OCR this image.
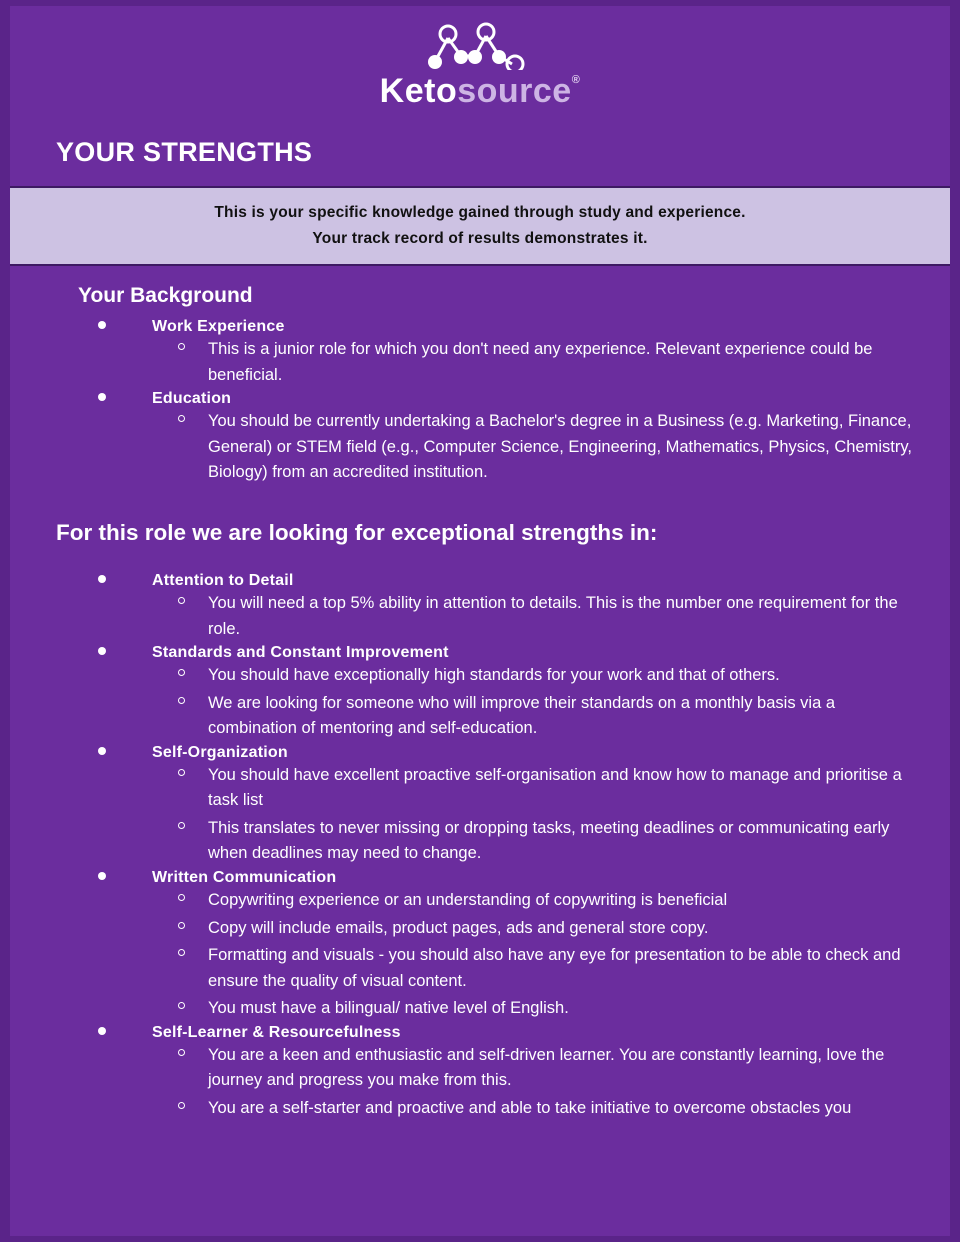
Ketosource®
YOUR STRENGTHS
This is your specific knowledge gained through study and experience.
Your track record of results demonstrates it.
Your Background
Work Experience
This is a junior role for which you don't need any experience. Relevant experience could be beneficial.
Education
You should be currently undertaking a Bachelor's degree in a Business (e.g. Marketing, Finance, General) or STEM field (e.g., Computer Science, Engineering, Mathematics, Physics, Chemistry, Biology) from an accredited institution.
For this role we are looking for exceptional strengths in:
Attention to Detail
You will need a top 5% ability in attention to details. This is the number one requirement for the role.
Standards and Constant Improvement
You should have exceptionally high standards for your work and that of others.
We are looking for someone who will improve their standards on a monthly basis via a combination of mentoring and self-education.
Self-Organization
You should have excellent proactive self-organisation and know how to manage and prioritise a task list
This translates to never missing or dropping tasks, meeting deadlines or communicating early when deadlines may need to change.
Written Communication
Copywriting experience or an understanding of copywriting is beneficial
Copy will include emails, product pages, ads and general store copy.
Formatting and visuals - you should also have any eye for presentation to be able to check and ensure the quality of visual content.
You must have a bilingual/ native level of English.
Self-Learner & Resourcefulness
You are a keen and enthusiastic and self-driven learner. You are constantly learning, love the journey and progress you make from this.
You are a self-starter and proactive and able to take initiative to overcome obstacles you
